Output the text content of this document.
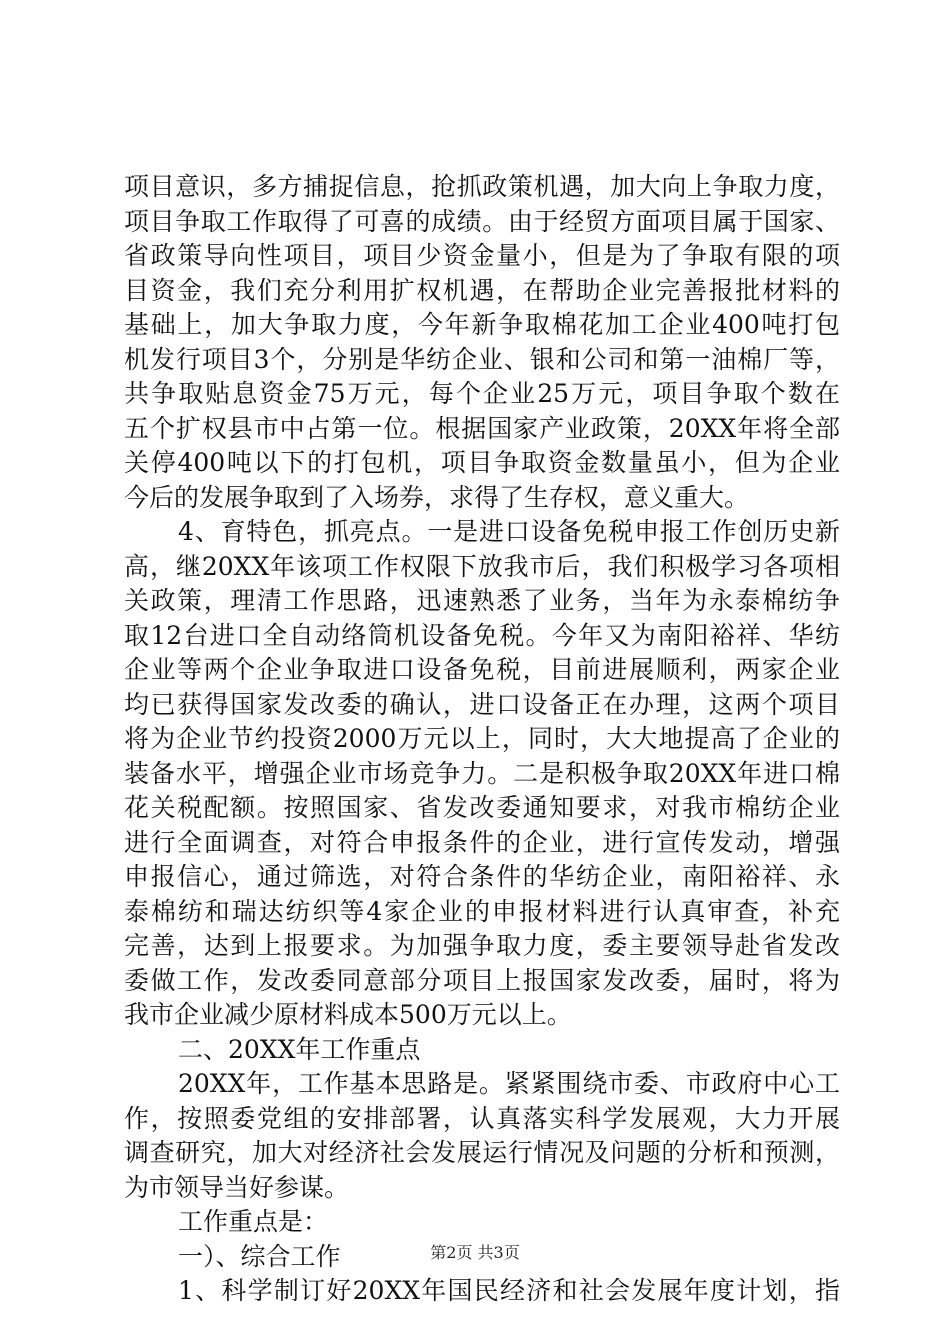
项目意识，多方捕捉信息，抢抓政策机遇，加大向上争取力度，
项目争取工作取得了可喜的成绩。由于经贸方面项目属于国家、
省政策导向性项目，项目少资金量小，但是为了争取有限的项
目资金，我们充分利用扩权机遇，在帮助企业完善报批材料的
基础上，加大争取力度，今年新争取棉花加工企业400吨打包
机发行项目3个，分别是华纺企业、银和公司和第一油棉厂等，
共争取贴息资金75万元，每个企业25万元，项目争取个数在
五个扩权县市中占第一位。根据国家产业政策，20XX年将全部
关停400吨以下的打包机，项目争取资金数量虽小，但为企业
今后的发展争取到了入场券，求得了生存权，意义重大。
4、育特色，抓亮点。一是进口设备免税申报工作创历史新
高，继20XX年该项工作权限下放我市后，我们积极学习各项相
关政策，理清工作思路，迅速熟悉了业务，当年为永泰棉纺争
取12台进口全自动络筒机设备免税。今年又为南阳裕祥、华纺
企业等两个企业争取进口设备免税，目前进展顺利，两家企业
均已获得国家发改委的确认，进口设备正在办理，这两个项目
将为企业节约投资2000万元以上，同时，大大地提高了企业的
装备水平，增强企业市场竞争力。二是积极争取20XX年进口棉
花关税配额。按照国家、省发改委通知要求，对我市棉纺企业
进行全面调查，对符合申报条件的企业，进行宣传发动，增强
申报信心，通过筛选，对符合条件的华纺企业，南阳裕祥、永
泰棉纺和瑞达纺织等4家企业的申报材料进行认真审查，补充
完善，达到上报要求。为加强争取力度，委主要领导赴省发改
委做工作，发改委同意部分项目上报国家发改委，届时，将为
我市企业减少原材料成本500万元以上。
二、20XX年工作重点
20XX年，工作基本思路是。紧紧围绕市委、市政府中心工
作，按照委党组的安排部署，认真落实科学发展观，大力开展
调查研究，加大对经济社会发展运行情况及问题的分析和预测，
为市领导当好参谋。
工作重点是：
一）、综合工作
1、科学制订好20XX年国民经济和社会发展年度计划，指
第2页 共3页
